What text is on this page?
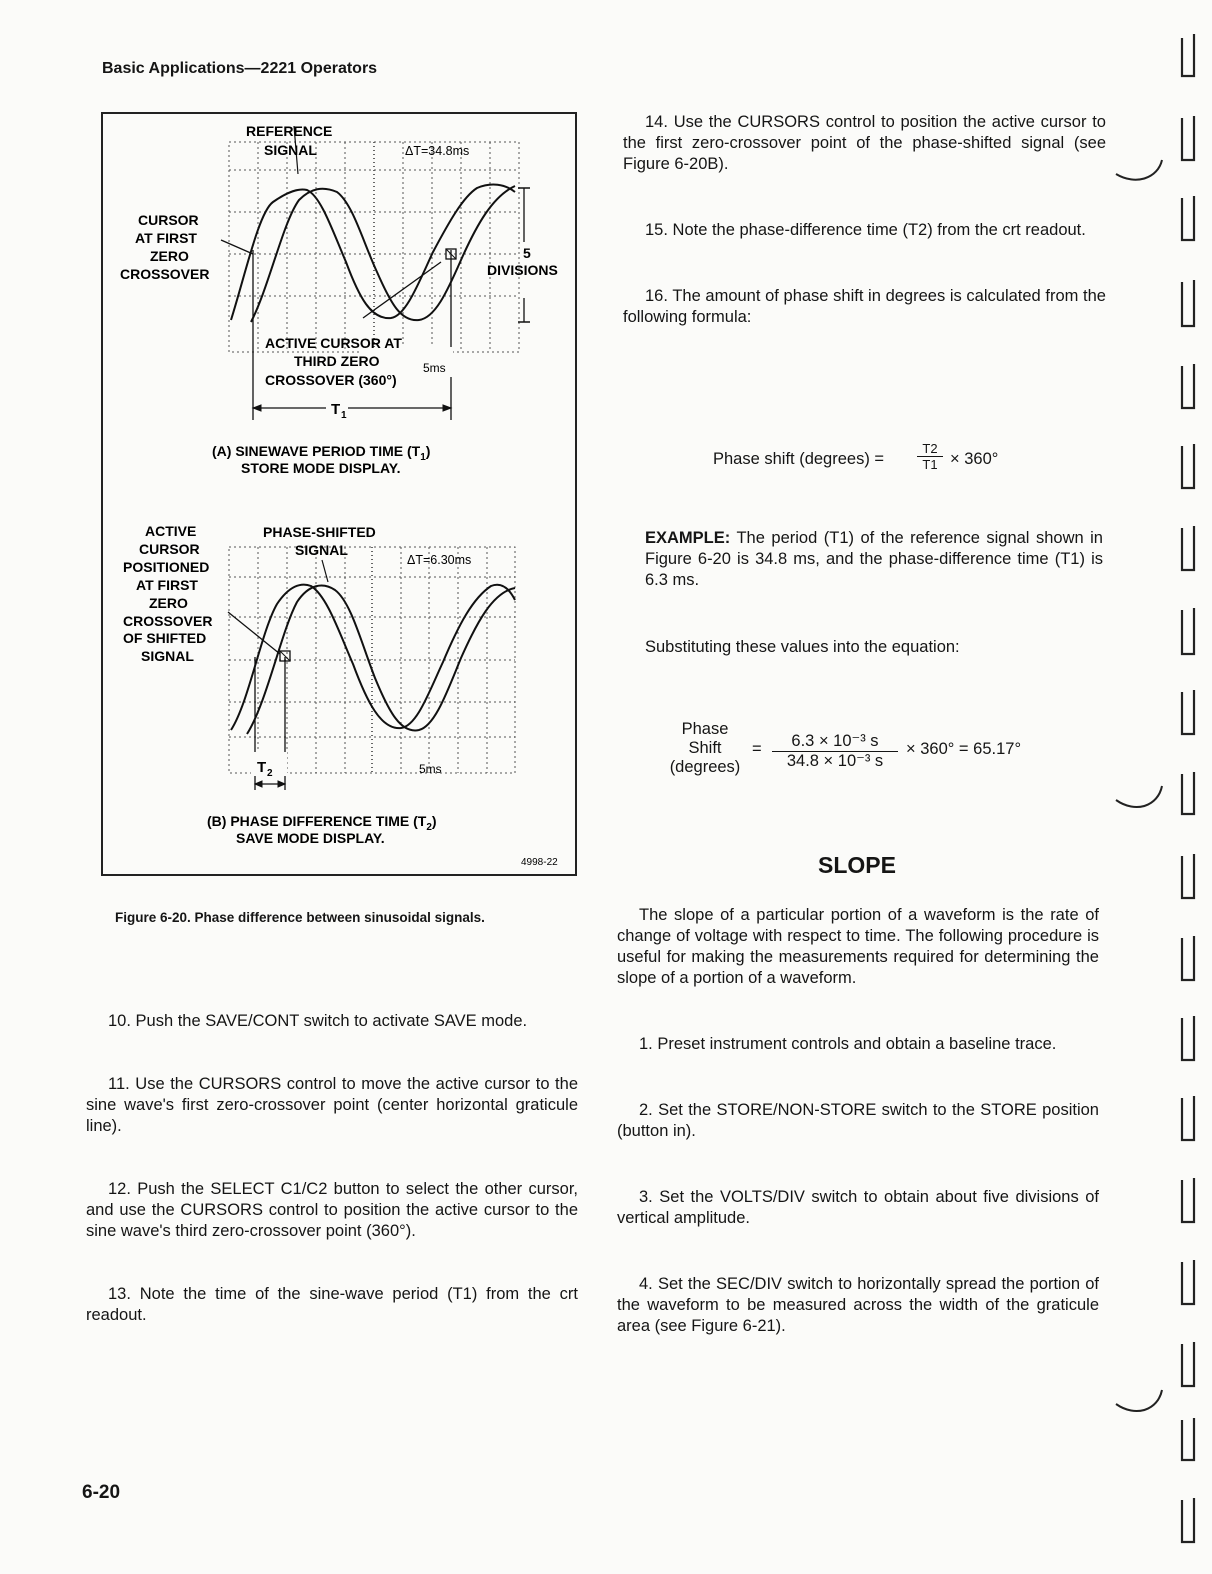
Basic Applications—2221 Operators
REFERENCE
SIGNAL	ΔT=34.8ms
CURSOR
AT FIRST
ZERO
CROSSOVER
5
DIVISIONS
ACTIVE CURSOR AT
THIRD ZERO
CROSSOVER (360°)
5ms
T 1
(A) SINEWAVE PERIOD TIME $(T_1)$
STORE MODE DISPLAY.
ACTIVE
CURSOR
POSITIONED
AT FIRST
ZERO
CROSSOVER
OF SHIFTED
SIGNAL
PHASE-SHIFTED
SIGNAL
ΔT=6.30ms
5ms
T 2
(B) PHASE DIFFERENCE TIME $(T_2)$
SAVE MODE DISPLAY.
4998-22
Figure 6-20. Phase difference between sinusoidal signals.

10. Push the SAVE/CONT switch to activate SAVE mode.

11. Use the CURSORS control to move the active cursor to the sine wave's first zero-crossover point (center horizontal graticule line).

12. Push the SELECT C1/C2 button to select the other cursor, and use the CURSORS control to position the active cursor to the sine wave's third zero-crossover point (360°).

13. Note the time of the sine-wave period (T1) from the crt readout.

14. Use the CURSORS control to position the active cursor to the first zero-crossover point of the phase-shifted signal (see Figure 6-20B).

15. Note the phase-difference time (T2) from the crt readout.

16. The amount of phase shift in degrees is calculated from the following formula:

Phase shift (degrees) =
T2
T1 × 360°

EXAMPLE: The period (T1) of the reference signal shown in Figure 6-20 is 34.8 ms, and the phase-difference time (T1) is 6.3 ms.

Substituting these values into the equation:
Phase
Shift
(degrees)
=	6.3 × 10⁻³ s
34.8 × 10⁻³ s
× 360° = 65.17°
SLOPE

The slope of a particular portion of a waveform is the rate of change of voltage with respect to time. The following procedure is useful for making the measurements required for determining the slope of a portion of a waveform.

1. Preset instrument controls and obtain a baseline trace.

2. Set the STORE/NON-STORE switch to the STORE position (button in).

3. Set the VOLTS/DIV switch to obtain about five divisions of vertical amplitude.

4. Set the SEC/DIV switch to horizontally spread the portion of the waveform to be measured across the width of the graticule area (see Figure 6-21).

6-20
